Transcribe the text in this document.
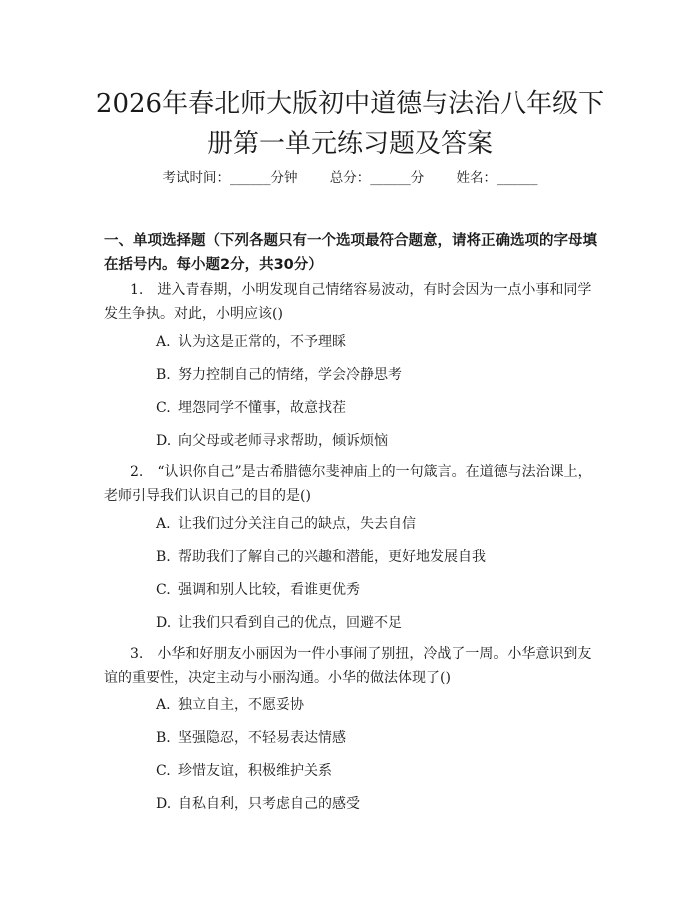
2026年春北师大版初中道德与法治八年级下
册第一单元练习题及答案
考试时间：______分钟 总分：______分 姓名：______

一、单项选择题（下列各题只有一个选项最符合题意，请将正确选项的字母填在括号内。每小题2分，共30分）

1. 进入青春期，小明发现自己情绪容易波动，有时会因为一点小事和同学发生争执。对此，小明应该()

A. 认为这是正常的，不予理睬

B. 努力控制自己的情绪，学会冷静思考

C. 埋怨同学不懂事，故意找茬

D. 向父母或老师寻求帮助，倾诉烦恼

2. “认识你自己”是古希腊德尔斐神庙上的一句箴言。在道德与法治课上，老师引导我们认识自己的目的是()

A. 让我们过分关注自己的缺点，失去自信

B. 帮助我们了解自己的兴趣和潜能，更好地发展自我

C. 强调和别人比较，看谁更优秀

D. 让我们只看到自己的优点，回避不足

3. 小华和好朋友小丽因为一件小事闹了别扭，冷战了一周。小华意识到友谊的重要性，决定主动与小丽沟通。小华的做法体现了()

A. 独立自主，不愿妥协

B. 坚强隐忍，不轻易表达情感

C. 珍惜友谊，积极维护关系

D. 自私自利，只考虑自己的感受
